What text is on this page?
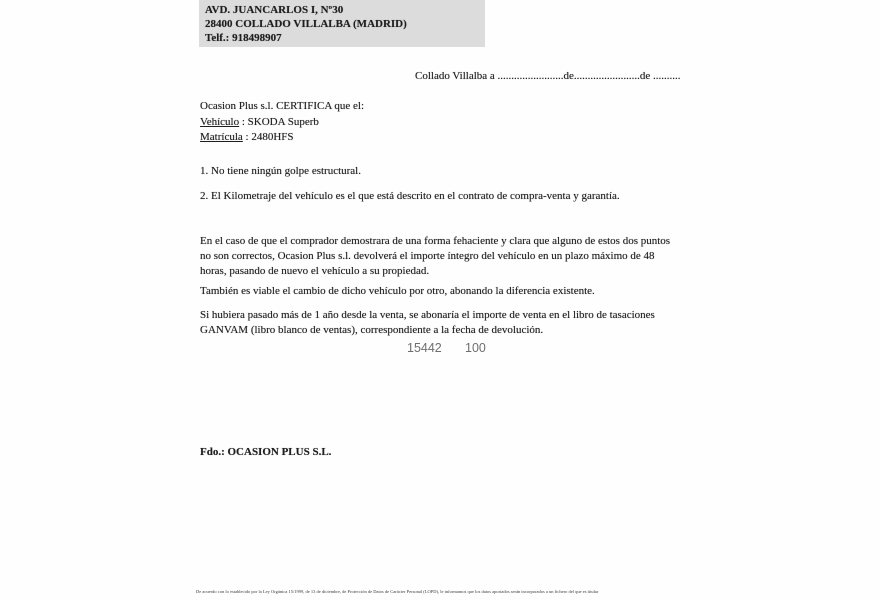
AVD. JUANCARLOS I, Nº30
28400 COLLADO VILLALBA (MADRID)
Telf.: 918498907
Collado Villalba a ........................de........................de ..........
Ocasion Plus s.l. CERTIFICA que el:
Vehículo : SKODA Superb
Matrícula : 2480HFS
1. No tiene ningún golpe estructural.
2. El Kilometraje del vehículo es el que está descrito en el contrato de compra-venta y garantía.
En el caso de que el comprador demostrara de una forma fehaciente y clara que alguno de estos dos puntos no son correctos, Ocasion Plus s.l. devolverá el importe íntegro del vehículo en un plazo máximo de 48 horas, pasando de nuevo el vehículo a su propiedad.
También es viable el cambio de dicho vehículo por otro, abonando la diferencia existente.
Si hubiera pasado más de 1 año desde la venta, se abonaría el importe de venta en el libro de tasaciones GANVAM (libro blanco de ventas), correspondiente a la fecha de devolución.
15442 100
Fdo.: OCASION PLUS S.L.
De acuerdo con lo establecido por la Ley Orgánica 15/1999, de 13 de diciembre, de Protección de Datos de Carácter Personal (LOPD), le informamos que los datos aportados serán incorporados a un fichero del que es titular
